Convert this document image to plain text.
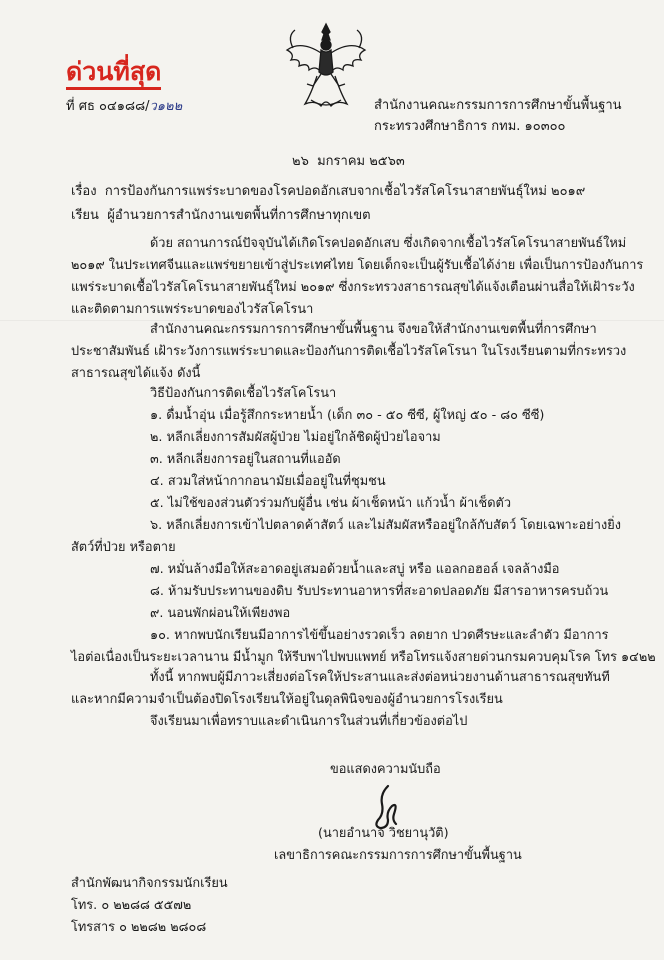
ด่วนที่สุด
ที่ ศธ ๐๔๑๘๘/ว๑๒๒	สำนักงานคณะกรรมการการศึกษาขั้นพื้นฐาน
กระทรวงศึกษาธิการ กทม. ๑๐๓๐๐
๒๖ มกราคม ๒๕๖๓
เรื่อง การป้องกันการแพร่ระบาดของโรคปอดอักเสบจากเชื้อไวรัสโคโรนาสายพันธุ์ใหม่ ๒๐๑๙
เรียน ผู้อำนวยการสำนักงานเขตพื้นที่การศึกษาทุกเขต
ด้วย สถานการณ์ปัจจุบันได้เกิดโรคปอดอักเสบ ซึ่งเกิดจากเชื้อไวรัสโคโรนาสายพันธ์ใหม่
๒๐๑๙ ในประเทศจีนและแพร่ขยายเข้าสู่ประเทศไทย โดยเด็กจะเป็นผู้รับเชื้อได้ง่าย เพื่อเป็นการป้องกันการ
แพร่ระบาดเชื้อไวรัสโคโรนาสายพันธุ์ใหม่ ๒๐๑๙ ซึ่งกระทรวงสาธารณสุขได้แจ้งเตือนผ่านสื่อให้เฝ้าระวัง
และติดตามการแพร่ระบาดของไวรัสโคโรนา
สำนักงานคณะกรรมการการศึกษาขั้นพื้นฐาน จึงขอให้สำนักงานเขตพื้นที่การศึกษา
ประชาสัมพันธ์ เฝ้าระวังการแพร่ระบาดและป้องกันการติดเชื้อไวรัสโคโรนา ในโรงเรียนตามที่กระทรวง
สาธารณสุขได้แจ้ง ดังนี้
วิธีป้องกันการติดเชื้อไวรัสโคโรนา
๑. ดื่มน้ำอุ่น เมื่อรู้สึกกระหายน้ำ (เด็ก ๓๐ - ๕๐ ซีซี, ผู้ใหญ่ ๕๐ - ๘๐ ซีซี)
๒. หลีกเลี่ยงการสัมผัสผู้ป่วย ไม่อยู่ใกล้ชิดผู้ป่วยไอจาม
๓. หลีกเลี่ยงการอยู่ในสถานที่แออัด
๔. สวมใส่หน้ากากอนามัยเมื่ออยู่ในที่ชุมชน
๕. ไม่ใช้ของส่วนตัวร่วมกับผู้อื่น เช่น ผ้าเช็ดหน้า แก้วน้ำ ผ้าเช็ดตัว
๖. หลีกเลี่ยงการเข้าไปตลาดค้าสัตว์ และไม่สัมผัสหรืออยู่ใกล้กับสัตว์ โดยเฉพาะอย่างยิ่ง
สัตว์ที่ป่วย หรือตาย
๗. หมั่นล้างมือให้สะอาดอยู่เสมอด้วยน้ำและสบู่ หรือ แอลกอฮอล์ เจลล้างมือ
๘. ห้ามรับประทานของดิบ รับประทานอาหารที่สะอาดปลอดภัย มีสารอาหารครบถ้วน
๙. นอนพักผ่อนให้เพียงพอ
๑๐. หากพบนักเรียนมีอาการไข้ขึ้นอย่างรวดเร็ว ลดยาก ปวดศีรษะและลำตัว มีอาการ
ไอต่อเนื่องเป็นระยะเวลานาน มีน้ำมูก ให้รีบพาไปพบแพทย์ หรือโทรแจ้งสายด่วนกรมควบคุมโรค โทร ๑๔๒๒
ทั้งนี้ หากพบผู้มีภาวะเสี่ยงต่อโรคให้ประสานและส่งต่อหน่วยงานด้านสาธารณสุขทันที
และหากมีความจำเป็นต้องปิดโรงเรียนให้อยู่ในดุลพินิจของผู้อำนวยการโรงเรียน
จึงเรียนมาเพื่อทราบและดำเนินการในส่วนที่เกี่ยวข้องต่อไป
ขอแสดงความนับถือ
(นายอำนาจ วิชยานุวัติ)
เลขาธิการคณะกรรมการการศึกษาขั้นพื้นฐาน
สำนักพัฒนากิจกรรมนักเรียน
โทร. ๐ ๒๒๘๘ ๕๕๗๒
โทรสาร ๐ ๒๒๘๒ ๒๘๐๘
